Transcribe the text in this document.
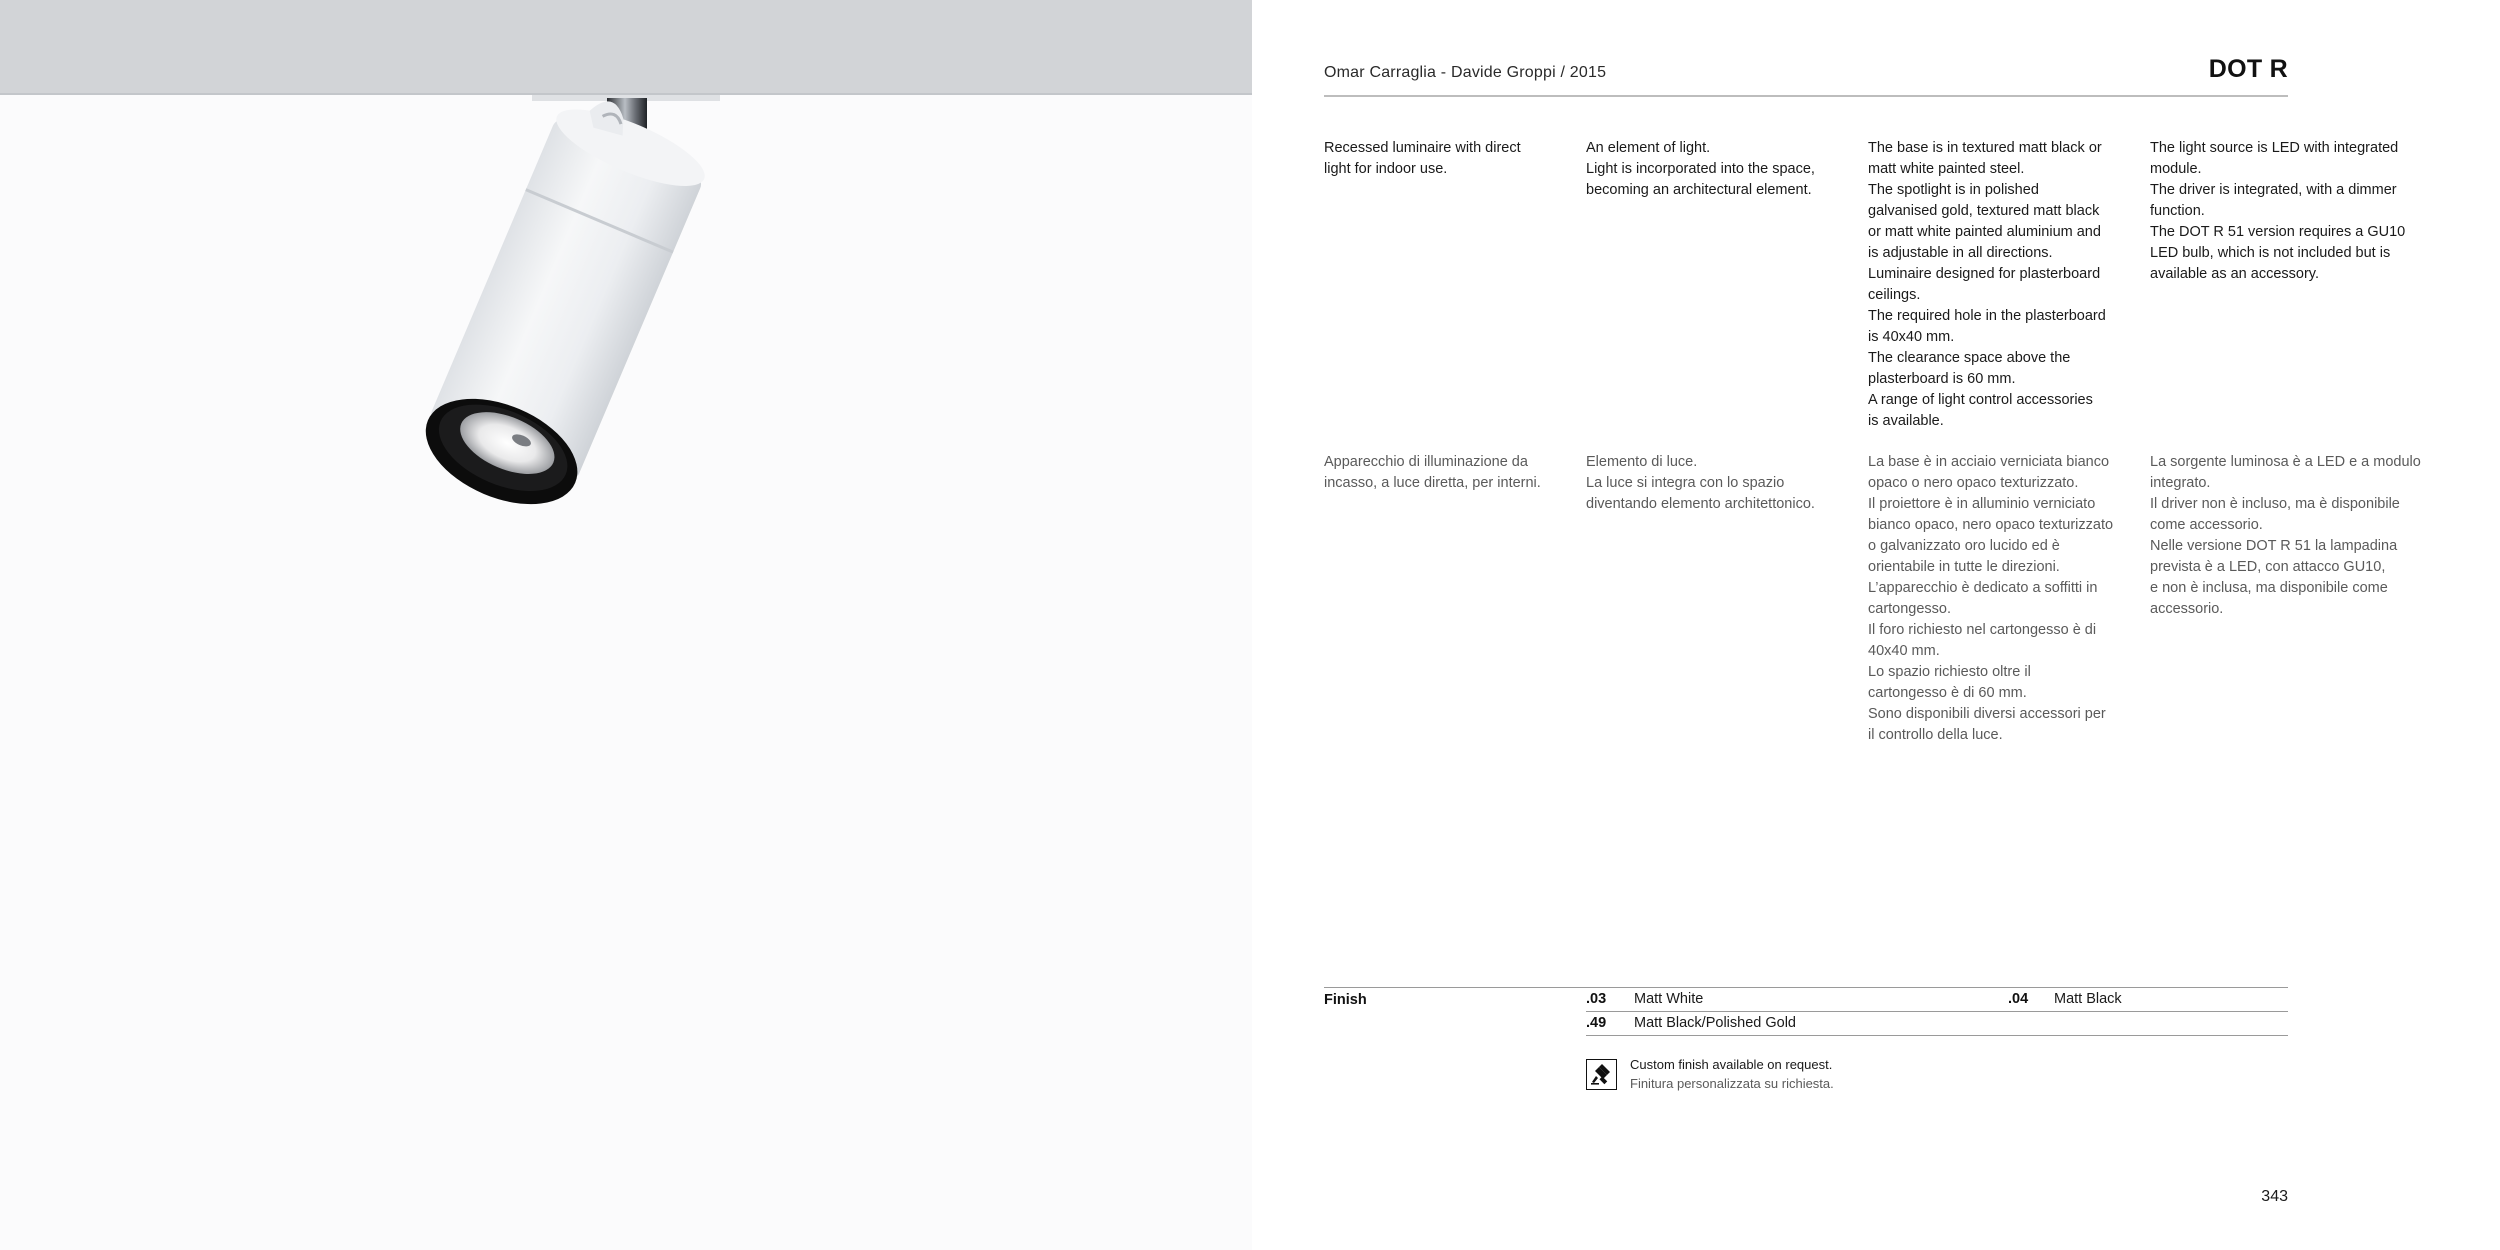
Omar Carraglia - Davide Groppi / 2015	DOT R
Recessed luminaire with direct
light for indoor use.
An element of light.
Light is incorporated into the space,
becoming an architectural element.
The base is in textured matt black or
matt white painted steel.
The spotlight is in polished
galvanised gold, textured matt black
or matt white painted aluminium and
is adjustable in all directions.
Luminaire designed for plasterboard
ceilings.
The required hole in the plasterboard
is 40x40 mm.
The clearance space above the
plasterboard is 60 mm.
A range of light control accessories
is available.
The light source is LED with integrated
module.
The driver is integrated, with a dimmer
function.
The DOT R 51 version requires a GU10
LED bulb, which is not included but is
available as an accessory.
Apparecchio di illuminazione da
incasso, a luce diretta, per interni.
Elemento di luce.
La luce si integra con lo spazio
diventando elemento architettonico.
La base è in acciaio verniciata bianco
opaco o nero opaco texturizzato.
Il proiettore è in alluminio verniciato
bianco opaco, nero opaco texturizzato
o galvanizzato oro lucido ed è
orientabile in tutte le direzioni.
L’apparecchio è dedicato a soffitti in
cartongesso.
Il foro richiesto nel cartongesso è di
40x40 mm.
Lo spazio richiesto oltre il
cartongesso è di 60 mm.
Sono disponibili diversi accessori per
il controllo della luce.
La sorgente luminosa è a LED e a modulo
integrato.
Il driver non è incluso, ma è disponibile
come accessorio.
Nelle versione DOT R 51 la lampadina
prevista è a LED, con attacco GU10,
e non è inclusa, ma disponibile come
accessorio.
Finish	.03 Matt White	.04 Matt Black
.49 Matt Black/Polished Gold
Custom finish available on request.
Finitura personalizzata su richiesta.
343
